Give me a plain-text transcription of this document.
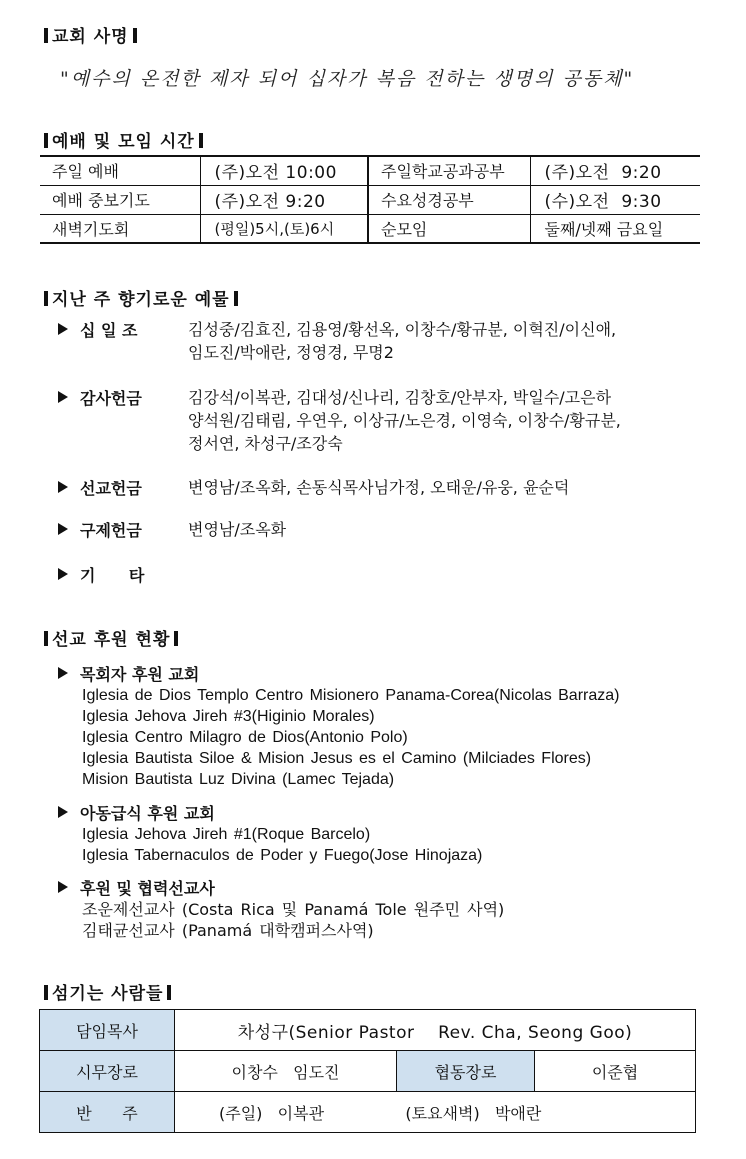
교회 사명
"예수의 온전한 제자 되어 십자가 복음 전하는 생명의 공동체"
예배 및 모임 시간
주일 예배	(주)오전 10:00	주일학교공과공부	(주)오전  9:20
예배 중보기도	(주)오전 9:20	수요성경공부	(수)오전  9:30
새벽기도회	(평일)5시,(토)6시	순모임	둘째/넷째 금요일
지난 주 향기로운 예물
십 일 조	김성중/김효진, 김용영/황선옥, 이창수/황규분, 이혁진/이신애,
임도진/박애란, 정영경, 무명2
감사헌금	김강석/이복관, 김대성/신나리, 김창호/안부자, 박일수/고은하
양석원/김태림, 우연우, 이상규/노은경, 이영숙, 이창수/황규분,
정서연, 차성구/조강숙
선교헌금	변영남/조옥화, 손동식목사님가정, 오태운/유웅, 윤순덕
구제헌금	변영남/조옥화
기      타
선교 후원 현황
목회자 후원 교회
Iglesia de Dios Templo Centro Misionero Panama-Corea(Nicolas Barraza)
Iglesia Jehova Jireh #3(Higinio Morales)
Iglesia Centro Milagro de Dios(Antonio Polo)
Iglesia Bautista Siloe & Mision Jesus es el Camino (Milciades Flores)
Mision Bautista Luz Divina (Lamec Tejada)
아동급식 후원 교회
Iglesia Jehova Jireh #1(Roque Barcelo)
Iglesia Tabernaculos de Poder y Fuego(Jose Hinojaza)
후원 및 협력선교사
조운제선교사 (Costa Rica 및 Panamá Tole 원주민 사역)
김태균선교사 (Panamá 대학캠퍼스사역)
섬기는 사람들
담임목사	차성구(Senior Pastor    Rev. Cha, Seong Goo)		
시무장로	이창수   임도진	협동장로	이준협
반      주	(주일)   이복관                (토요새벽)   박애란		
